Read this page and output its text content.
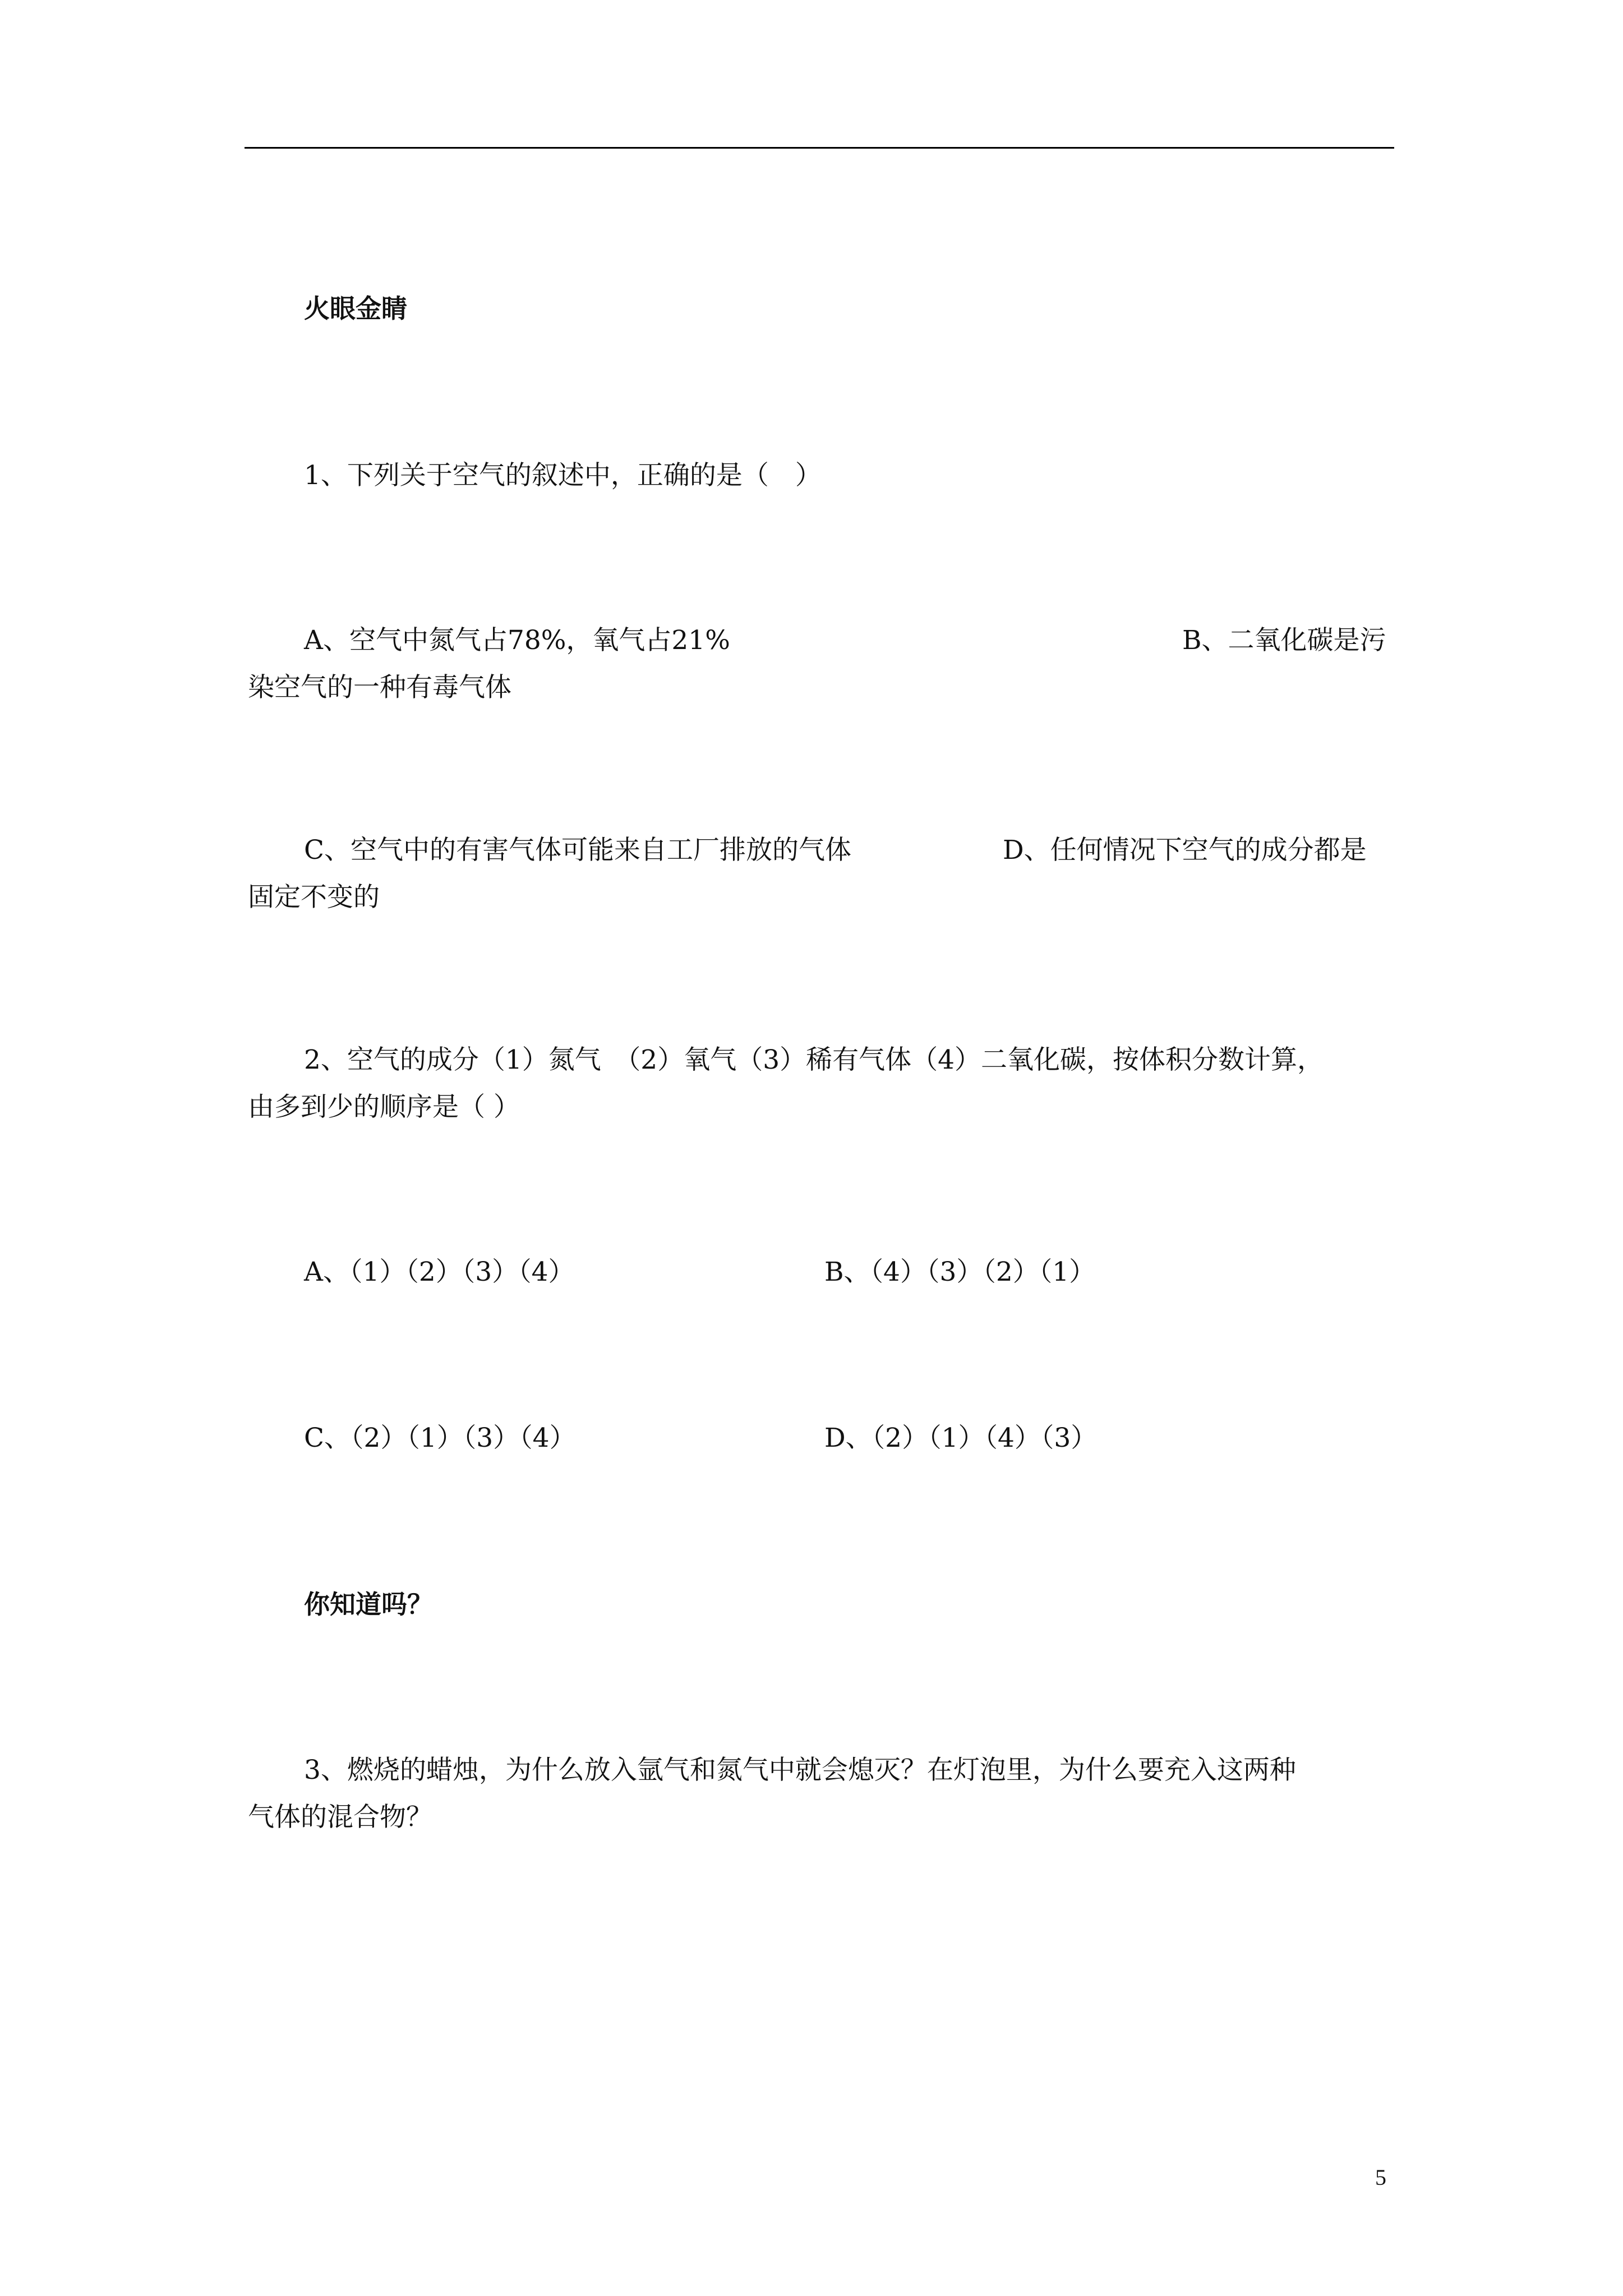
火眼金睛
1、下列关于空气的叙述中，正确的是（　）
A、空气中氮气占78%，氧气占21%	B、二氧化碳是污
染空气的一种有毒气体
C、空气中的有害气体可能来自工厂排放的气体	D、任何情况下空气的成分都是
固定不变的
2、空气的成分（1）氮气　（2）氧气（3）稀有气体（4）二氧化碳，按体积分数计算，
由多到少的顺序是（ ）
A、（1）（2）（3）（4）	B、（4）（3）（2）（1）
C、（2）（1）（3）（4）	D、（2）（1）（4）（3）
你知道吗？
3、燃烧的蜡烛，为什么放入氩气和氮气中就会熄灭？在灯泡里，为什么要充入这两种
气体的混合物？
5
